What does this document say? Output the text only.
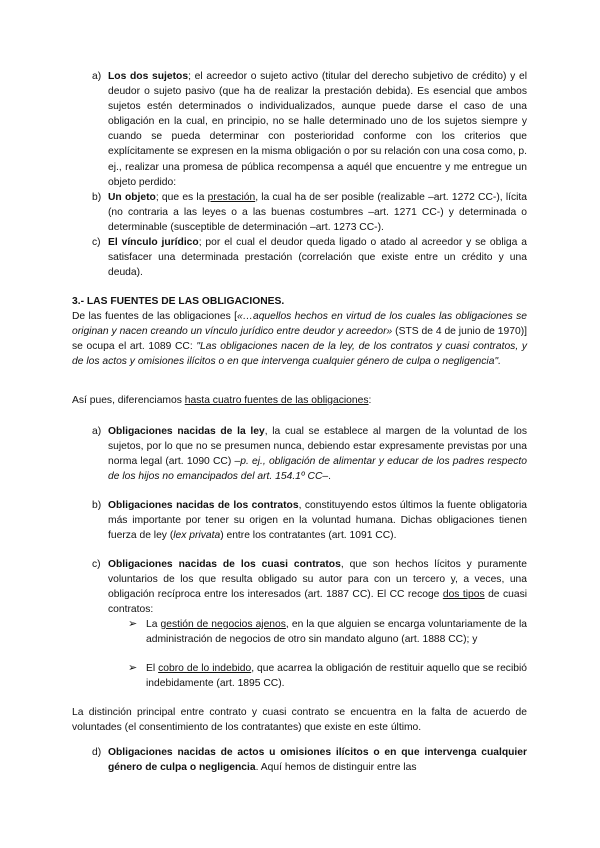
a) Los dos sujetos; el acreedor o sujeto activo (titular del derecho subjetivo de crédito) y el deudor o sujeto pasivo (que ha de realizar la prestación debida). Es esencial que ambos sujetos estén determinados o individualizados, aunque puede darse el caso de una obligación en la cual, en principio, no se halle determinado uno de los sujetos siempre y cuando se pueda determinar con posterioridad conforme con los criterios que explícitamente se expresen en la misma obligación o por su relación con una cosa como, p. ej., realizar una promesa de pública recompensa a aquél que encuentre y me entregue un objeto perdido:
b) Un objeto; que es la prestación, la cual ha de ser posible (realizable –art. 1272 CC-), lícita (no contraria a las leyes o a las buenas costumbres –art. 1271 CC-) y determinada o determinable (susceptible de determinación –art. 1273 CC-).
c) El vínculo jurídico; por el cual el deudor queda ligado o atado al acreedor y se obliga a satisfacer una determinada prestación (correlación que existe entre un crédito y una deuda).
3.- LAS FUENTES DE LAS OBLIGACIONES.
De las fuentes de las obligaciones [«…aquellos hechos en virtud de los cuales las obligaciones se originan y nacen creando un vínculo jurídico entre deudor y acreedor» (STS de 4 de junio de 1970)] se ocupa el art. 1089 CC: "Las obligaciones nacen de la ley, de los contratos y cuasi contratos, y de los actos y omisiones ilícitos o en que intervenga cualquier género de culpa o negligencia".
Así pues, diferenciamos hasta cuatro fuentes de las obligaciones:
a) Obligaciones nacidas de la ley, la cual se establece al margen de la voluntad de los sujetos, por lo que no se presumen nunca, debiendo estar expresamente previstas por una norma legal (art. 1090 CC) –p. ej., obligación de alimentar y educar de los padres respecto de los hijos no emancipados del art. 154.1º CC–.
b) Obligaciones nacidas de los contratos, constituyendo estos últimos la fuente obligatoria más importante por tener su origen en la voluntad humana. Dichas obligaciones tienen fuerza de ley (lex privata) entre los contratantes (art. 1091 CC).
c) Obligaciones nacidas de los cuasi contratos, que son hechos lícitos y puramente voluntarios de los que resulta obligado su autor para con un tercero y, a veces, una obligación recíproca entre los interesados (art. 1887 CC). El CC recoge dos tipos de cuasi contratos:
➢ La gestión de negocios ajenos, en la que alguien se encarga voluntariamente de la administración de negocios de otro sin mandato alguno (art. 1888 CC); y
➢ El cobro de lo indebido, que acarrea la obligación de restituir aquello que se recibió indebidamente (art. 1895 CC).
La distinción principal entre contrato y cuasi contrato se encuentra en la falta de acuerdo de voluntades (el consentimiento de los contratantes) que existe en este último.
d) Obligaciones nacidas de actos u omisiones ilícitos o en que intervenga cualquier género de culpa o negligencia. Aquí hemos de distinguir entre las
